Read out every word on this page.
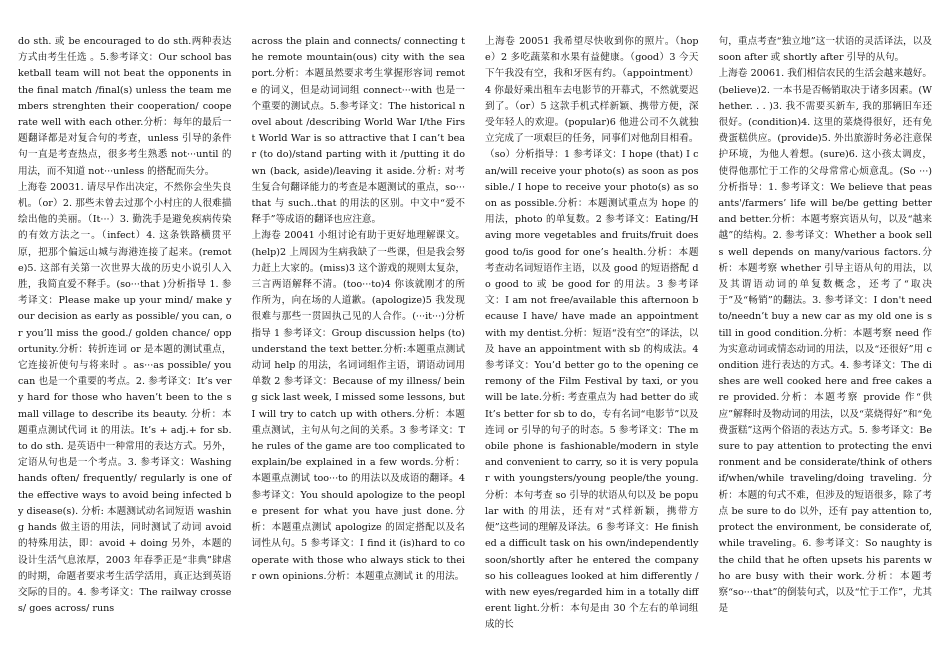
do sth. 或 be encouraged to do sth.两种表达方式由考生任选 。5.参考译文：Our school basketball team will not beat the opponents in the final match /final(s) unless the team members strenghten their cooperation/ cooperate well with each other.分析：每年的最后一题翻译都是对复合句的考查，unless 引导的条件句一直是考查热点，很多考生熟悉 not···until 的用法，而不知道 not···unless 的搭配而失分。

上海卷 20031. 请尽早作出决定，不然你会坐失良机。（or）2. 那些未曾去过那个小村庄的人很难描绘出他的美丽。（It···）3. 勤洗手是避免疾病传染的有效方法之一。（infect）4. 这条铁路横贯平原，把那个偏远山城与海港连接了起来。(remote)5. 这部有关第一次世界大战的历史小说引人入胜，我简直爱不释手。(so···that )分析指导 1. 参考译文：Please make up your mind/ make your decision as early as possible/ you can, or you’ll miss the good./ golden chance/ opportunity.分析：转折连词 or 是本题的测试重点，它连接祈使句与将来时 。as···as possible/ you can 也是一个重要的考点。2. 参考译文：It’s very hard for those who haven’t been to the small village to describe its beauty. 分析：本题重点测试代词 it 的用法。It’s + adj.+ for sb. to do sth. 是英语中一种常用的表达方式。另外，定语从句也是一个考点。3. 参考译文：Washing hands often/ frequently/ regularly is one of the effective ways to avoid being infected by disease(s). 分析: 本题测试动名词短语 washing hands 做主语的用法，同时测试了动词 avoid 的特殊用法，即：avoid + doing 另外，本题的设计生活气息浓厚，2003 年春季正是“非典”肆虐的时期，命题者要求考生活学活用，真正达到英语交际的目的。4. 参考译文：The railway crosses/ goes across/ runs

across the plain and connects/ connecting the remote mountain(ous) city with the sea port.分析：本题虽然要求考生掌握形容词 remote 的词义，但是动词词组 connect···with 也是一个重要的测试点。5.参考译文：The historical novel about /describing World War I/the First World War is so attractive that I can’t bear (to do)/stand parting with it /putting it down (back, aside)/leaving it aside.分析: 对考生复合句翻译能力的考查是本题测试的重点，so···that 与 such..that 的用法的区别。中文中“爱不释手”等成语的翻译也应注意。

上海卷 20041 小组讨论有助于更好地理解课文。(help)2 上周因为生病我缺了一些课，但是我会努力赶上大家的。(miss)3 这个游戏的规则太复杂，三言两语解释不清。(too···to)4 你该就刚才的所作所为，向在场的人道歉。(apologize)5 我发现很难与那些一贯固执己见的人合作。(···it···)分析指导 1 参考译文：Group discussion helps (to) understand the text better.分析:本题重点测试动词 help 的用法，名词词组作主语，谓语动词用单数 2 参考译文：Because of my illness/ being sick last week, I missed some lessons, but I will try to catch up with others.分析：本题重点测试，主句从句之间的关系。3 参考译文：The rules of the game are too complicated to explain/be explained in a few words.分析：本题重点测试 too···to 的用法以及成语的翻译。4 参考译文：You should apologize to the people present for what you have just done.分析：本题重点测试 apologize 的固定搭配以及名词性从句。5 参考译文：I find it (is)hard to cooperate with those who always stick to their own opinions.分析：本题重点测试 it 的用法。

上海卷 20051 我希望尽快收到你的照片。（hope）2 多吃蔬菜和水果有益健康。（good）3 今天下午我没有空，我和牙医有约。（appointment）4 你最好乘出租车去电影节的开幕式，不然就要迟到了。（or）5 这款手机式样新颖、携带方便，深受年轻人的欢迎。(popular)6 他进公司不久就独立完成了一项艰巨的任务，同事们对他刮目相看。（so）分析指导：1 参考译文：I hope (that) I can/will receive your photo(s) as soon as possible./ I hope to receive your photo(s) as soon as possible.分析：本题测试重点为 hope 的用法，photo 的单复数。2 参考译文：Eating/Having more vegetables and fruits/fruit does good to/is good for one’s health.分析：本题考查动名词短语作主语，以及 good 的短语搭配 do good to 或 be good for 的用法。3 参考译文：I am not free/available this afternoon because I have/ have made an appointment with my dentist.分析：短语“没有空”的译法，以及 have an appointment with sb 的构成法。4 参考译文：You’d better go to the opening ceremony of the Film Festival by taxi, or you will be late.分析: 考查重点为 had better do 或 It’s better for sb to do，专有名词“电影节”以及连词 or 引导的句子的时态。5 参考译文：The mobile phone is fashionable/modern in style and convenient to carry, so it is very popular with youngsters/young people/the young.分析：本句考查 so 引导的状语从句以及 be popular with 的用法，还有对“式样新颖，携带方便”这些词的理解及译法。6 参考译文：He finished a difficult task on his own/independently soon/shortly after he entered the company so his colleagues looked at him differently /with new eyes/regarded him in a totally different light.分析：本句是由 30 个左右的单词组成的长

句，重点考查“独立地”这一状语的灵活译法，以及 soon after 或 shortly after 引导的从句。

上海卷 20061. 我们相信农民的生活会越来越好。(believe)2. 一本书是否畅销取决于诸多因素。(Whether. . . )3. 我不需要买新车, 我的那辆旧车还很好。(condition)4. 这里的菜烧得很好，还有免费蛋糕供应。(provide)5. 外出旅游时务必注意保护环境，为他人着想。(sure)6. 这小孩太调皮，使得他那忙于工作的父母常常心烦意乱。(So ···)分析指导：1. 参考译文：We believe that peasants'/farmers’ life will be/be getting better and better.分析：本题考察宾语从句，以及“越来越”的结构。2. 参考译文：Whether a book sells well depends on many/various factors.分析：本题考察 whether 引导主语从句的用法，以及其谓语动词的单复数概念，还考了“取决于”及“畅销”的翻法。3. 参考译文：I don't need to/needn’t buy a new car as my old one is still in good condition.分析：本题考察 need 作为实意动词或情态动词的用法，以及“还很好”用 condition 进行表达的方式。4. 参考译文：The dishes are well cooked here and free cakes are provided.分析：本题考察 provide 作“供应”解释时及物动词的用法，以及“菜烧得好”和“免费蛋糕”这两个俗语的表达方式。5. 参考译文：Be sure to pay attention to protecting the environment and be considerate/think of others if/when/while traveling/doing traveling. 分析：本题的句式不难，但涉及的短语很多，除了考点 be sure to do 以外，还有 pay attention to, protect the environment, be considerate of, while traveling。6. 参考译文：So naughty is the child that he often upsets his parents who are busy with their work.分析：本题考察“so···that”的倒装句式，以及“忙于工作”，尤其是
